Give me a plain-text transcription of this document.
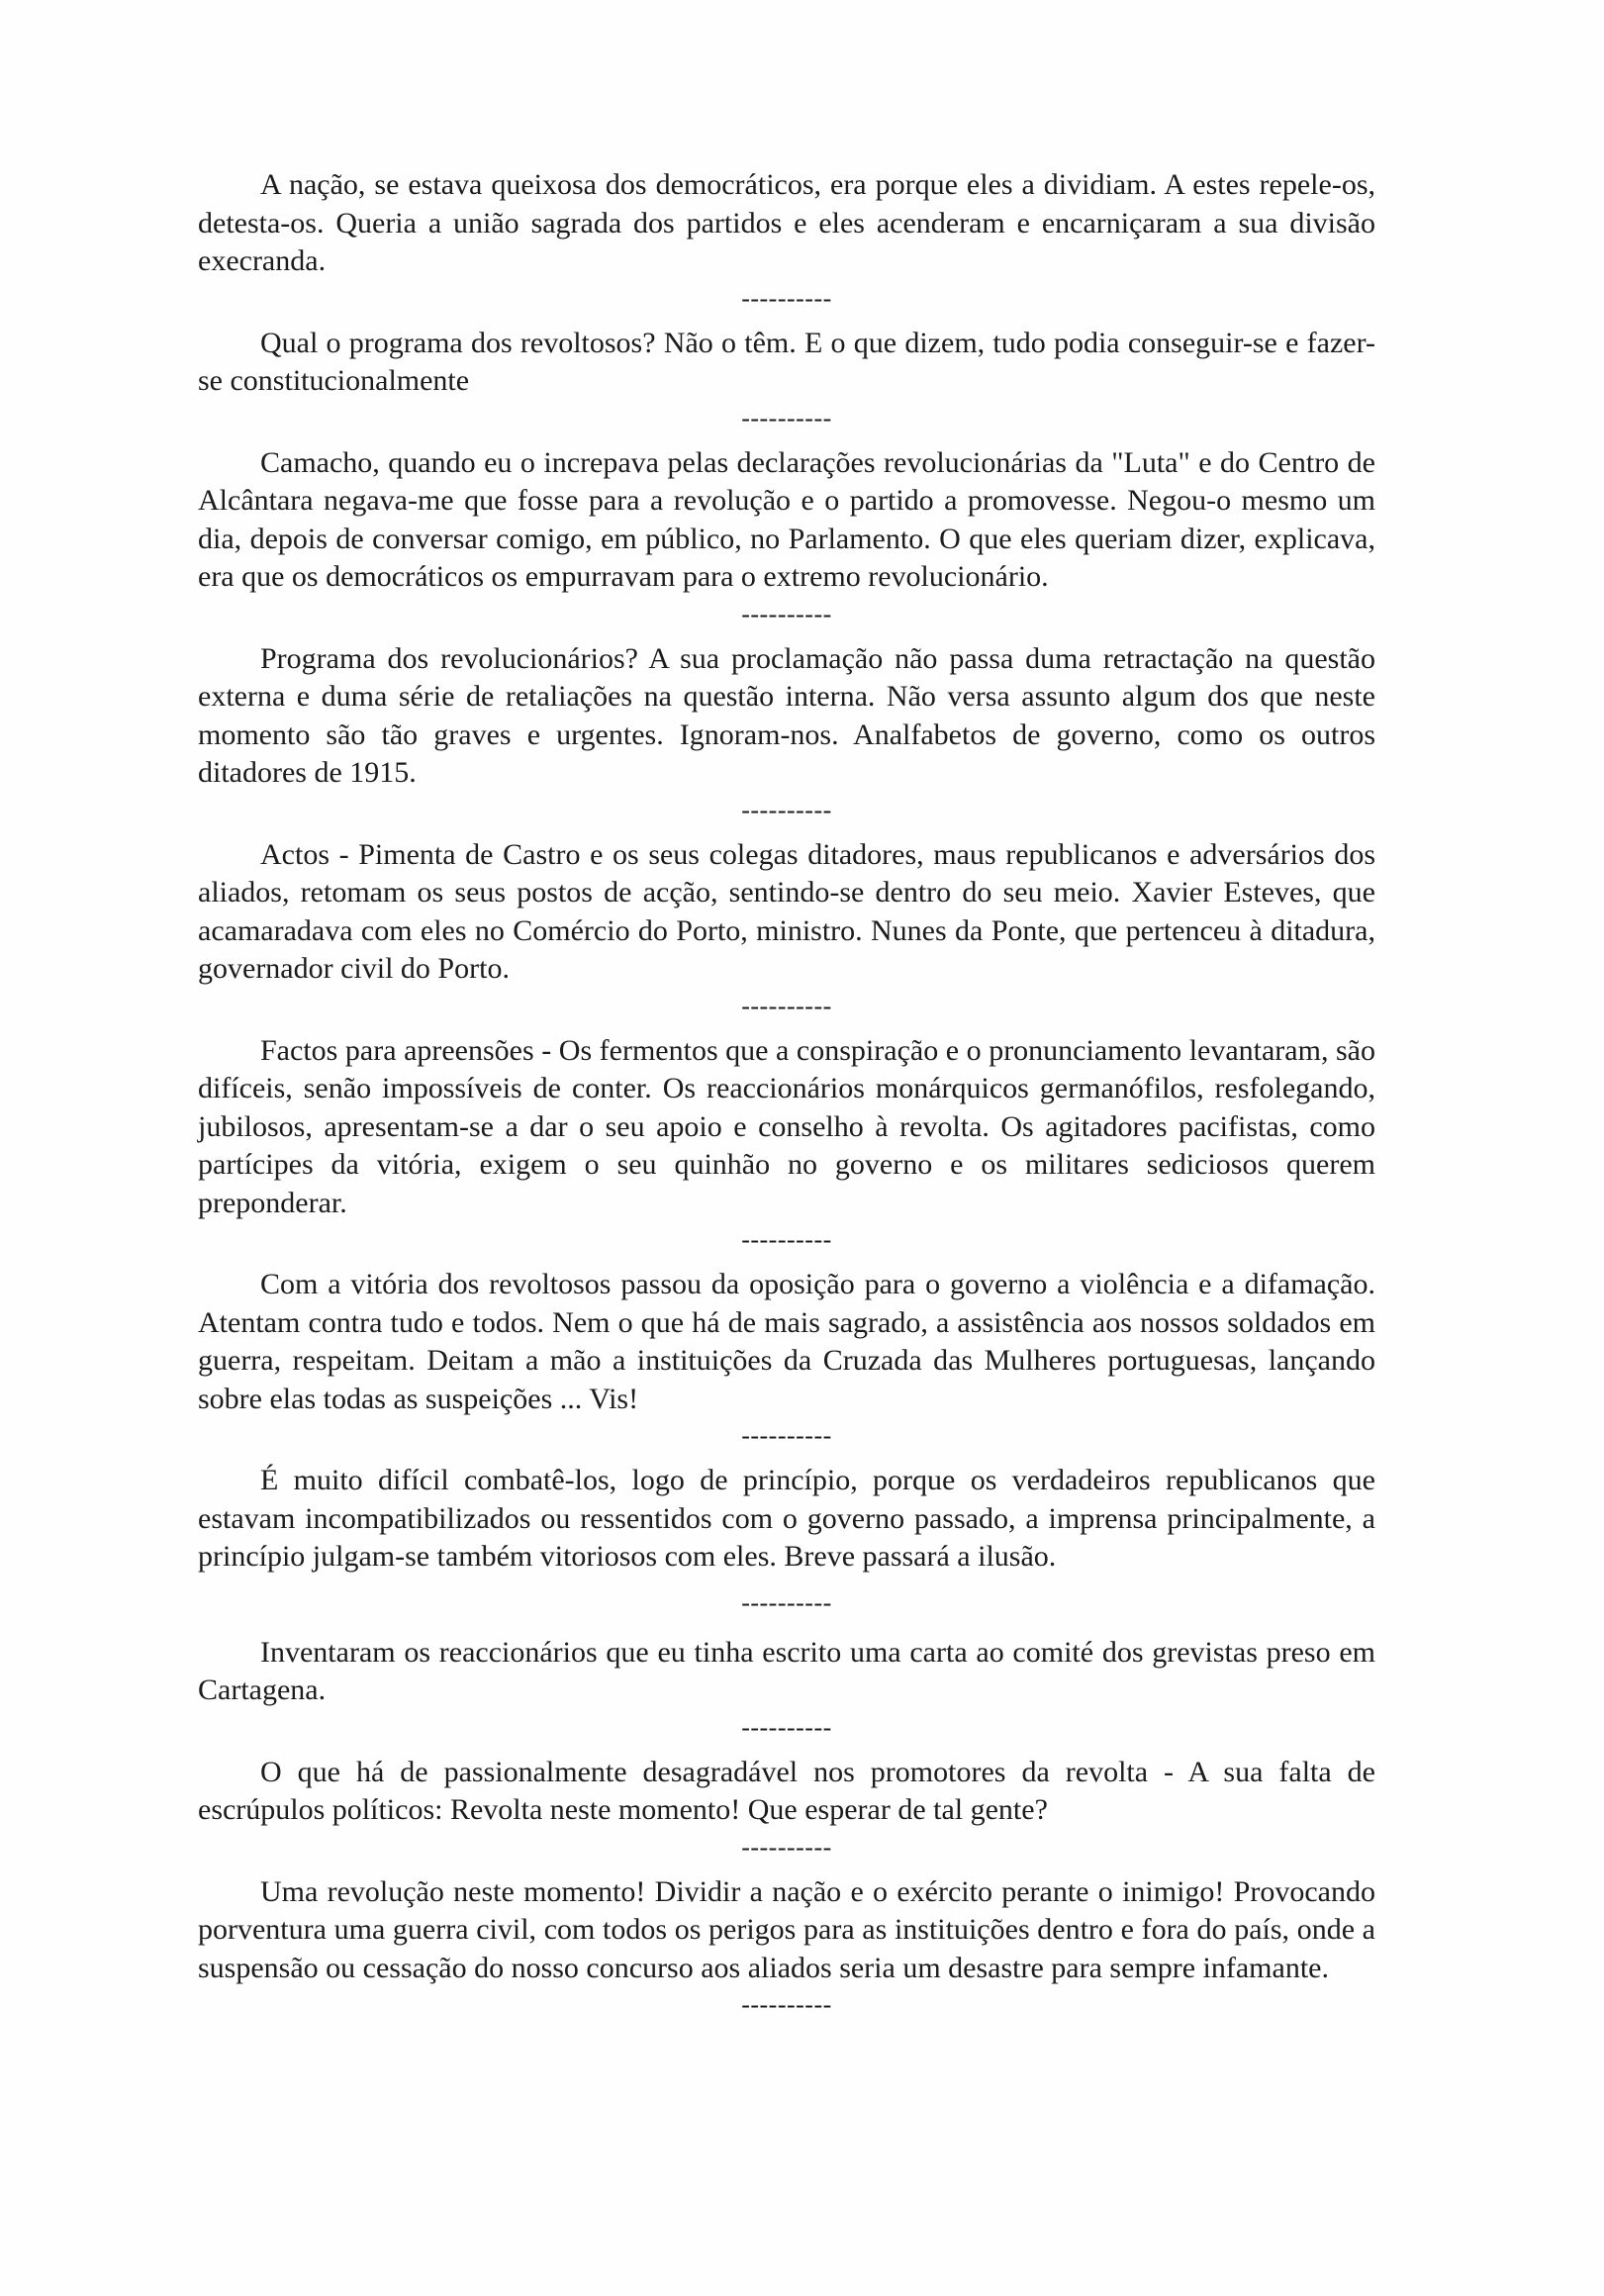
A nação, se estava queixosa dos democráticos, era porque eles a dividiam. A estes repele-os, detesta-os. Queria a união sagrada dos partidos e eles acenderam e encarniçaram a sua divisão execranda.

----------

Qual o programa dos revoltosos? Não o têm. E o que dizem, tudo podia conseguir-se e fazer-se constitucionalmente

----------

Camacho, quando eu o increpava pelas declarações revolucionárias da "Luta" e do Centro de Alcântara negava-me que fosse para a revolução e o partido a promovesse. Negou-o mesmo um dia, depois de conversar comigo, em público, no Parlamento. O que eles queriam dizer, explicava, era que os democráticos os empurravam para o extremo revolucionário.

----------

Programa dos revolucionários? A sua proclamação não passa duma retractação na questão externa e duma série de retaliações na questão interna. Não versa assunto algum dos que neste momento são tão graves e urgentes. Ignoram-nos. Analfabetos de governo, como os outros ditadores de 1915.

----------

Actos - Pimenta de Castro e os seus colegas ditadores, maus republicanos e adversários dos aliados, retomam os seus postos de acção, sentindo-se dentro do seu meio. Xavier Esteves, que acamaradava com eles no Comércio do Porto, ministro. Nunes da Ponte, que pertenceu à ditadura, governador civil do Porto.

----------

Factos para apreensões - Os fermentos que a conspiração e o pronunciamento levantaram, são difíceis, senão impossíveis de conter. Os reaccionários monárquicos germanófilos, resfolegando, jubilosos, apresentam-se a dar o seu apoio e conselho à revolta. Os agitadores pacifistas, como partícipes da vitória, exigem o seu quinhão no governo e os militares sediciosos querem preponderar.

----------

Com a vitória dos revoltosos passou da oposição para o governo a violência e a difamação. Atentam contra tudo e todos. Nem o que há de mais sagrado, a assistência aos nossos soldados em guerra, respeitam. Deitam a mão a instituições da Cruzada das Mulheres portuguesas, lançando sobre elas todas as suspeições ... Vis!

----------

É muito difícil combatê-los, logo de princípio, porque os verdadeiros republicanos que estavam incompatibilizados ou ressentidos com o governo passado, a imprensa principalmente, a princípio julgam-se também vitoriosos com eles. Breve passará a ilusão.

----------

Inventaram os reaccionários que eu tinha escrito uma carta ao comité dos grevistas preso em Cartagena.

----------

O que há de passionalmente desagradável nos promotores da revolta - A sua falta de escrúpulos políticos: Revolta neste momento! Que esperar de tal gente?

----------

Uma revolução neste momento! Dividir a nação e o exército perante o inimigo! Provocando porventura uma guerra civil, com todos os perigos para as instituições dentro e fora do país, onde a suspensão ou cessação do nosso concurso aos aliados seria um desastre para sempre infamante.

----------
